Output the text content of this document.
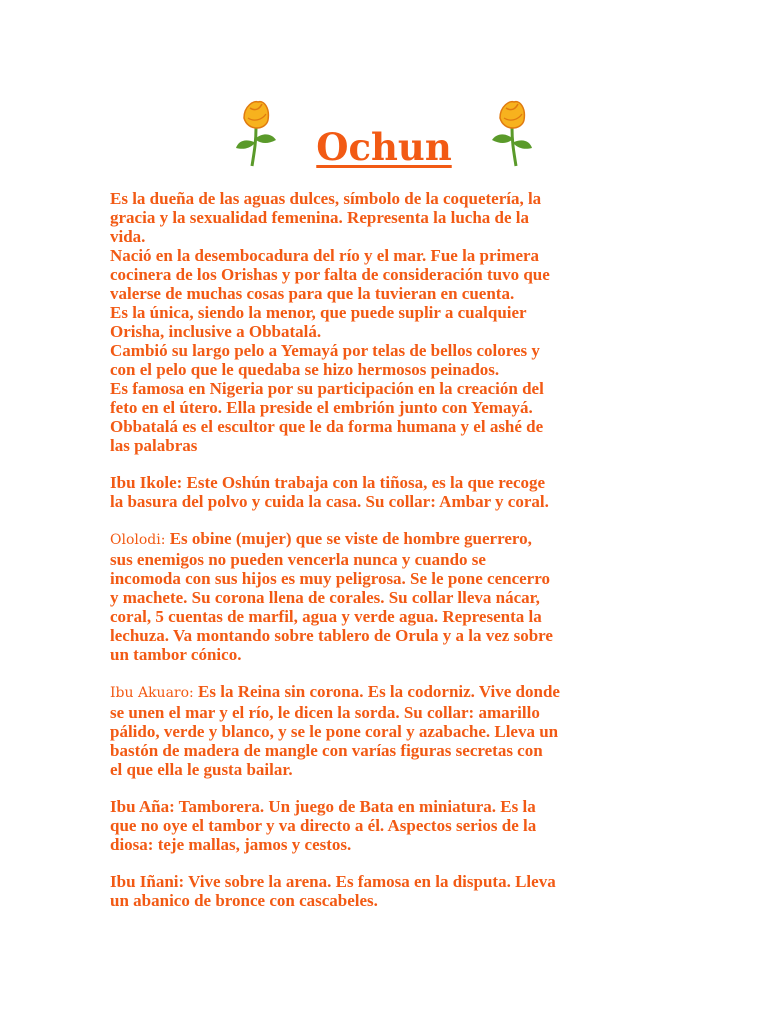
Ochun

Es la dueña de las aguas dulces, símbolo de la coquetería, la
gracia y la sexualidad femenina. Representa la lucha de la
vida.
Nació en la desembocadura del río y el mar. Fue la primera
cocinera de los Orishas y por falta de consideración tuvo que
valerse de muchas cosas para que la tuvieran en cuenta.
Es la única, siendo la menor, que puede suplir a cualquier
Orisha, inclusive a Obbatalá.
Cambió su largo pelo a Yemayá por telas de bellos colores y
con el pelo que le quedaba se hizo hermosos peinados.
Es famosa en Nigeria por su participación en la creación del
feto en el útero. Ella preside el embrión junto con Yemayá.
Obbatalá es el escultor que le da forma humana y el ashé de
las palabras

Ibu Ikole: Este Oshún trabaja con la tiñosa, es la que recoge
la basura del polvo y cuida la casa. Su collar: Ambar y coral.

Ololodi: Es obine (mujer) que se viste de hombre guerrero,
sus enemigos no pueden vencerla nunca y cuando se
incomoda con sus hijos es muy peligrosa. Se le pone cencerro
y machete. Su corona llena de corales. Su collar lleva nácar,
coral, 5 cuentas de marfil, agua y verde agua. Representa la
lechuza. Va montando sobre tablero de Orula y a la vez sobre
un tambor cónico.

Ibu Akuaro: Es la Reina sin corona. Es la codorniz. Vive donde
se unen el mar y el río, le dicen la sorda. Su collar: amarillo
pálido, verde y blanco, y se le pone coral y azabache. Lleva un
bastón de madera de mangle con varías figuras secretas con
el que ella le gusta bailar.

Ibu Aña: Tamborera. Un juego de Bata en miniatura. Es la
que no oye el tambor y va directo a él. Aspectos serios de la
diosa: teje mallas, jamos y cestos.

Ibu Iñani: Vive sobre la arena. Es famosa en la disputa. Lleva
un abanico de bronce con cascabeles.
